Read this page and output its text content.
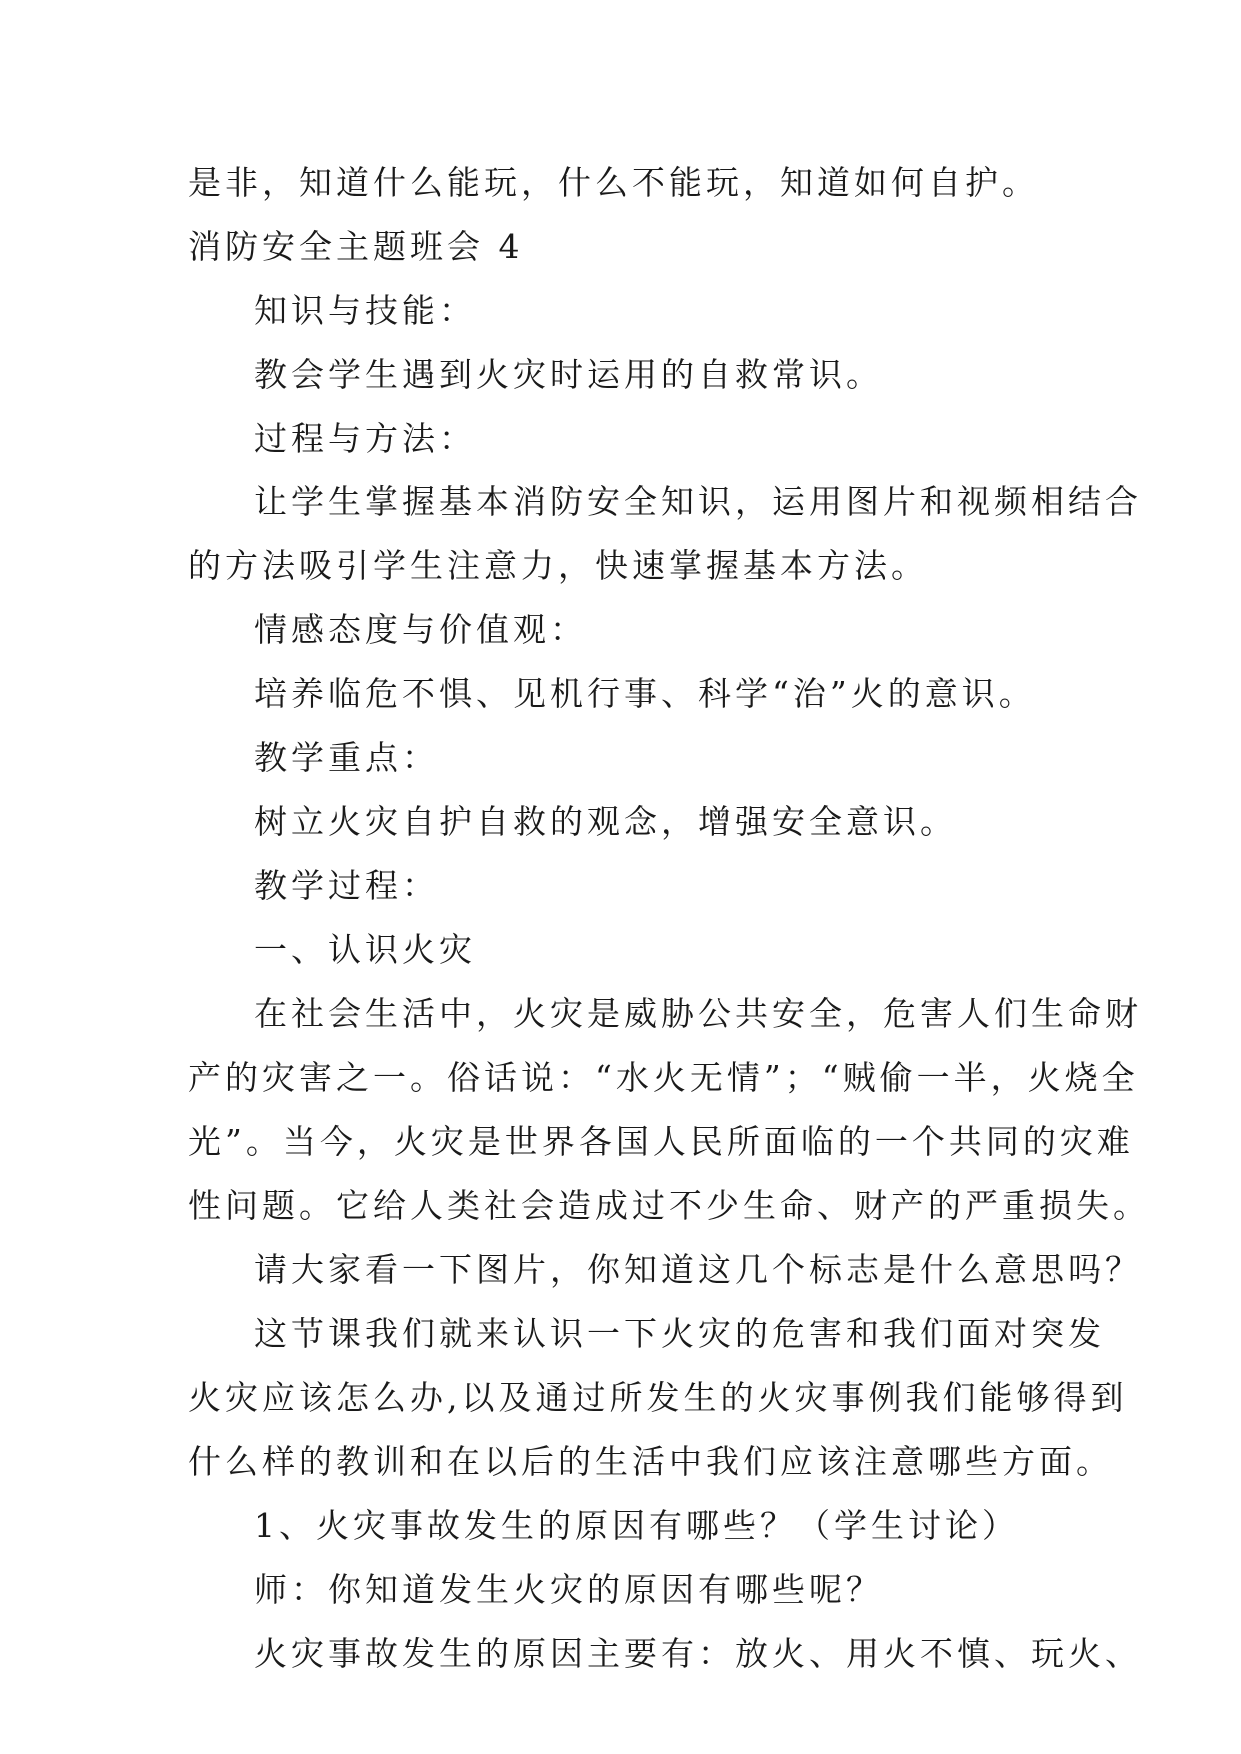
是非，知道什么能玩，什么不能玩，知道如何自护。
消防安全主题班会 4
知识与技能：
教会学生遇到火灾时运用的自救常识。
过程与方法：
让学生掌握基本消防安全知识，运用图片和视频相结合
的方法吸引学生注意力，快速掌握基本方法。
情感态度与价值观：
培养临危不惧、见机行事、科学“治”火的意识。
教学重点：
树立火灾自护自救的观念，增强安全意识。
教学过程：
一、认识火灾
在社会生活中，火灾是威胁公共安全，危害人们生命财
产的灾害之一。俗话说：“水火无情”；“贼偷一半，火烧全
光”。当今，火灾是世界各国人民所面临的一个共同的灾难
性问题。它给人类社会造成过不少生命、财产的严重损失。
请大家看一下图片，你知道这几个标志是什么意思吗？
这节课我们就来认识一下火灾的危害和我们面对突发
火灾应该怎么办,以及通过所发生的火灾事例我们能够得到
什么样的教训和在以后的生活中我们应该注意哪些方面。
1、火灾事故发生的原因有哪些？（学生讨论）
师：你知道发生火灾的原因有哪些呢？
火灾事故发生的原因主要有：放火、用火不慎、玩火、
